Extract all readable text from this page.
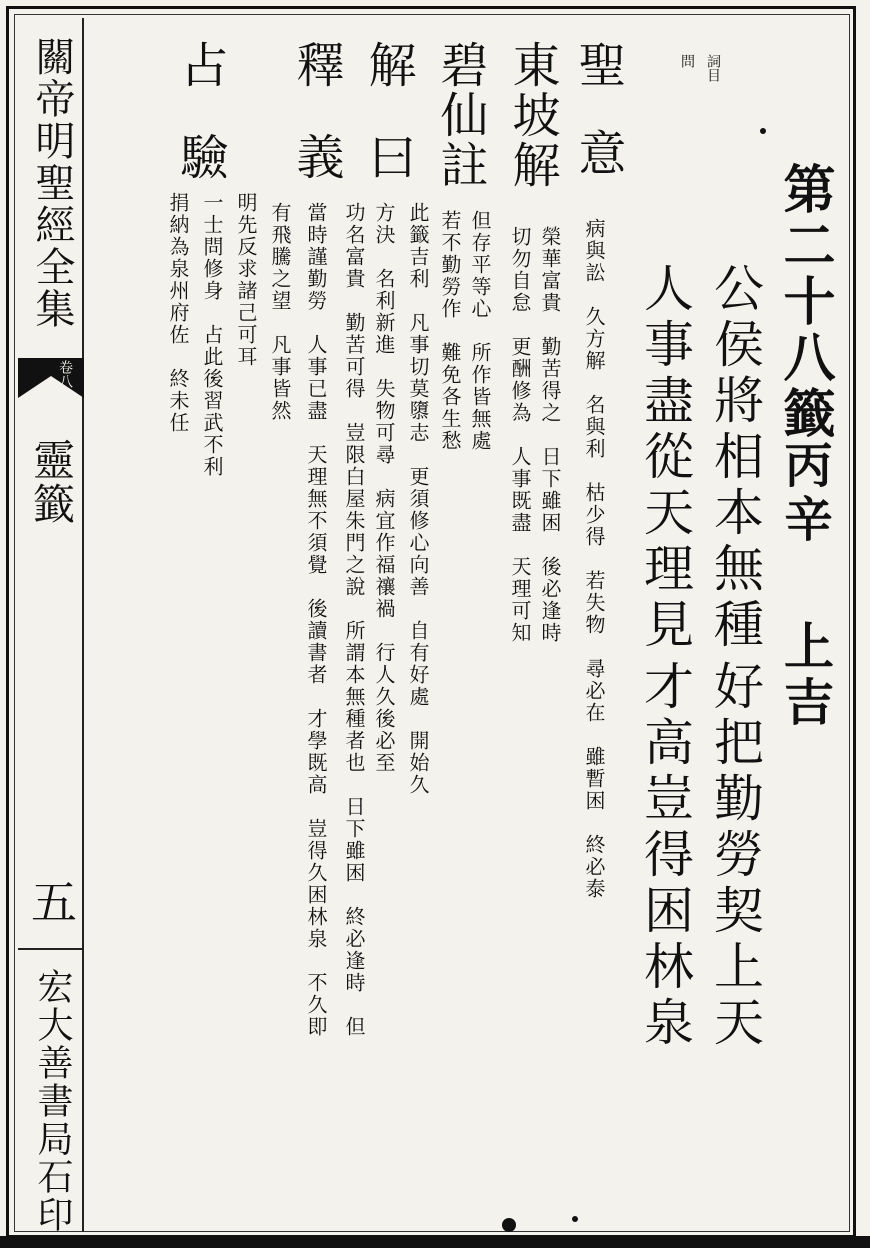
關帝明聖經全集
卷八
靈籤
五
宏大善書局石印
第二十八籤
丙辛
上吉
公侯將相本無種
好把勤勞契上天
人事盡從天理見
才高豈得困林泉
詞目
問
聖意
病與訟　久方解　名與利　枯少得　若失物　尋必在　雖暫困　終必泰
東坡解
榮華富貴　勤苦得之　日下雖困　後必逢時
切勿自怠　更酬修為　人事既盡　天理可知
碧仙註
但存平等心　所作皆無處
若不勤勞作　難免各生愁
解曰
此籤吉利　凡事切莫隳志　更須修心向善　自有好處　開始久
方決　名利新進　失物可尋　病宜作福禳禍　行人久後必至
釋義
功名富貴　勤苦可得　豈限白屋朱門之說　所謂本無種者也　日下雖困　終必逢時　但
當時謹勤勞　人事已盡　天理無不須覺　後讀書者　才學既高　豈得久困林泉　不久即
有飛騰之望　凡事皆然
占驗
明先反求諸己可耳
一士問修身　占此後習武不利
捐納為泉州府佐　終未任
